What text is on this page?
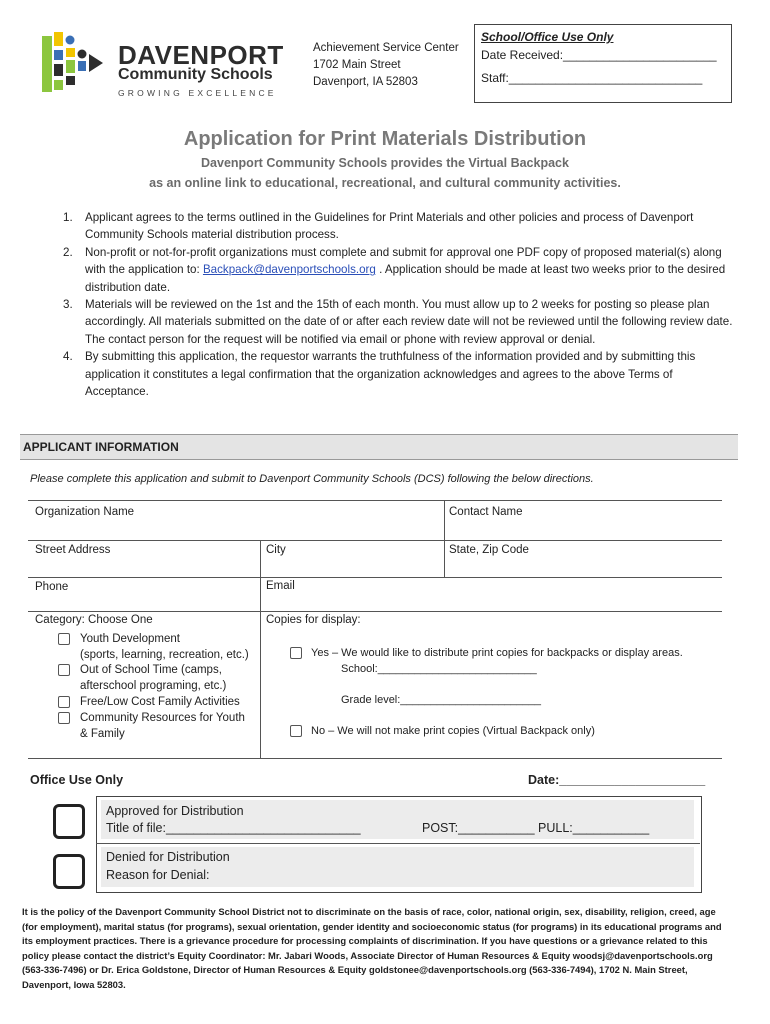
DAVENPORT
Community Schools
GROWING EXCELLENCE
Achievement Service Center
1702 Main Street
Davenport, IA 52803
School/Office Use Only
Date Received:_______________________
Staff:_____________________________
Application for Print Materials Distribution
Davenport Community Schools provides the Virtual Backpack
as an online link to educational, recreational, and cultural community activities.
1. Applicant agrees to the terms outlined in the Guidelines for Print Materials and other policies and process of Davenport Community Schools material distribution process.
2. Non-profit or not-for-profit organizations must complete and submit for approval one PDF copy of proposed material(s) along with the application to: Backpack@davenportschools.org . Application should be made at least two weeks prior to the desired distribution date.
3. Materials will be reviewed on the 1st and the 15th of each month. You must allow up to 2 weeks for posting so please plan accordingly. All materials submitted on the date of or after each review date will not be reviewed until the following review date. The contact person for the request will be notified via email or phone with review approval or denial.
4. By submitting this application, the requestor warrants the truthfulness of the information provided and by submitting this application it constitutes a legal confirmation that the organization acknowledges and agrees to the above Terms of Acceptance.
APPLICANT INFORMATION
Please complete this application and submit to Davenport Community Schools (DCS) following the below directions.
Organization Name	Contact Name
Street Address	City	State, Zip Code
Phone	Email
Category: Choose One
Youth Development
(sports, learning, recreation, etc.)
Out of School Time (camps,
afterschool programing, etc.)
Free/Low Cost Family Activities
Community Resources for Youth
& Family
Copies for display:
Yes – We would like to distribute print copies for backpacks or display areas.
School:__________________________
Grade level:_______________________
No – We will not make print copies (Virtual Backpack only)
Office Use Only	Date:_____________________
Approved for Distribution
Title of file:____________________________	POST:___________ PULL:___________
Denied for Distribution
Reason for Denial:
It is the policy of the Davenport Community School District not to discriminate on the basis of race, color, national origin, sex, disability, religion, creed, age (for employment), marital status (for programs), sexual orientation, gender identity and socioeconomic status (for programs) in its educational programs and its employment practices. There is a grievance procedure for processing complaints of discrimination. If you have questions or a grievance related to this policy please contact the district’s Equity Coordinator: Mr. Jabari Woods, Associate Director of Human Resources & Equity woodsj@davenportschools.org (563-336-7496) or Dr. Erica Goldstone, Director of Human Resources & Equity goldstonee@davenportschools.org (563-336-7494), 1702 N. Main Street, Davenport, Iowa 52803.
